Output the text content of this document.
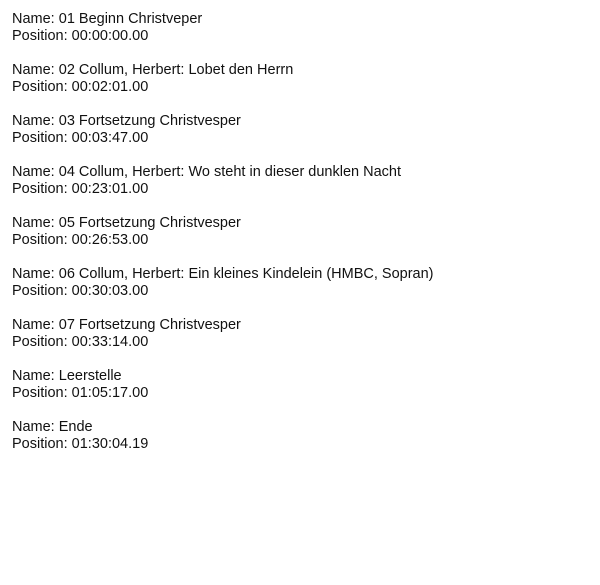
Name: 01 Beginn Christveper
Position: 00:00:00.00
Name: 02 Collum, Herbert: Lobet den Herrn
Position: 00:02:01.00
Name: 03 Fortsetzung Christvesper
Position: 00:03:47.00
Name: 04 Collum, Herbert: Wo steht in dieser dunklen Nacht
Position: 00:23:01.00
Name: 05 Fortsetzung Christvesper
Position: 00:26:53.00
Name: 06 Collum, Herbert: Ein kleines Kindelein (HMBC, Sopran)
Position: 00:30:03.00
Name: 07 Fortsetzung Christvesper
Position: 00:33:14.00
Name: Leerstelle
Position: 01:05:17.00
Name: Ende
Position: 01:30:04.19
